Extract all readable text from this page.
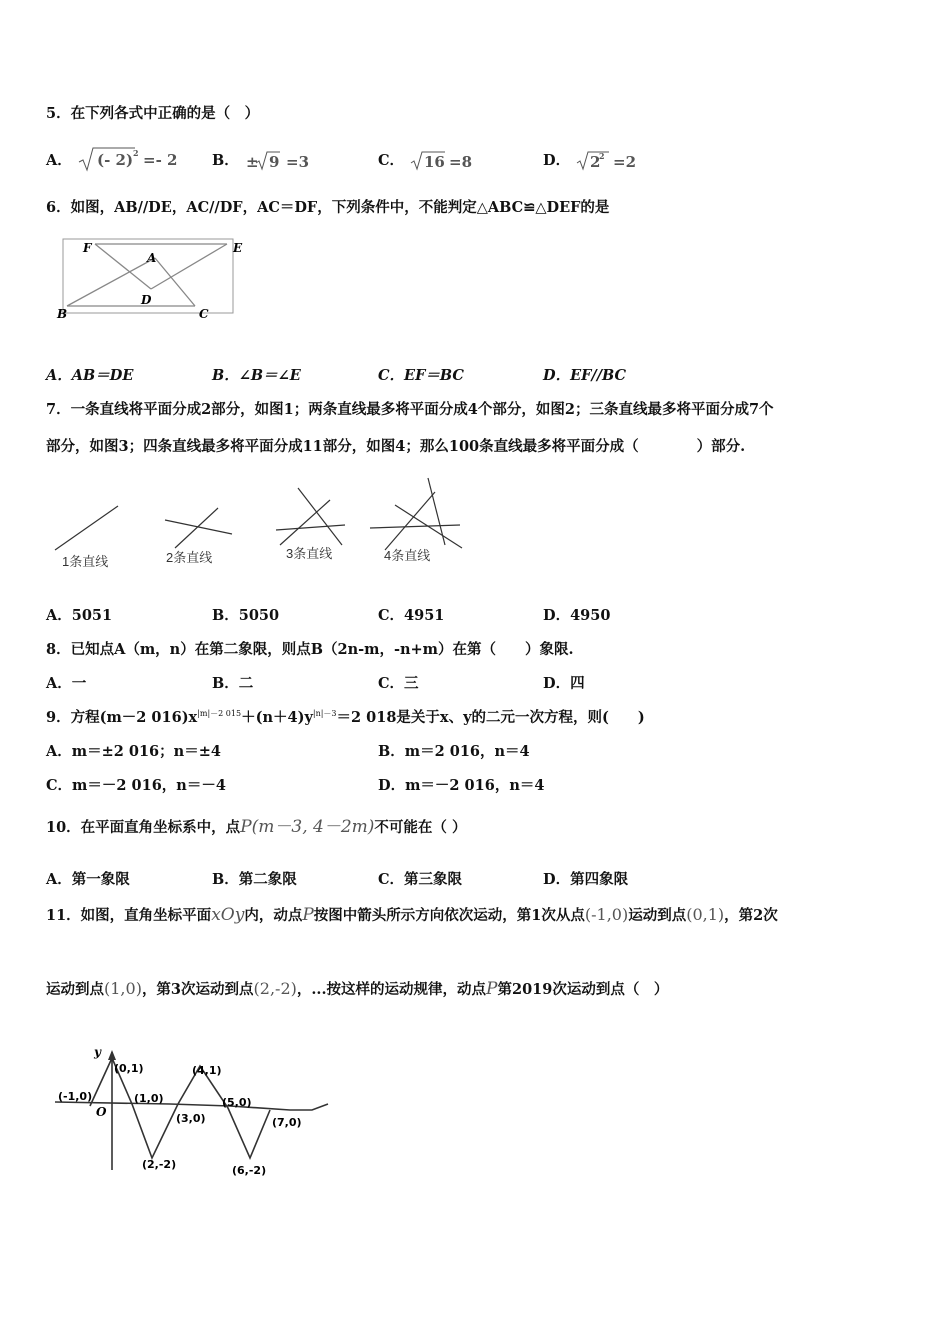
5．在下列各式中正确的是（　）
A． (- 2) 2 =- 2 B． ± 9 =3	C． 16 =8	D． 2
2 =2
6．如图，AB//DE，AC//DF，AC＝DF，下列条件中，不能判定△ABC≌△DEF的是
F
A
E
D
B	C
A．AB＝DE	B．∠B＝∠E	C．EF＝BC	D．EF//BC
7．一条直线将平面分成2部分，如图1；两条直线最多将平面分成4个部分，如图2；三条直线最多将平面分成7个
部分，如图3；四条直线最多将平面分成11部分，如图4；那么100条直线最多将平面分成（　　　　）部分.
1条直线	2条直线	3条直线	4条直线
A．5051	B．5050	C．4951	D．4950
8．已知点A（m，n）在第二象限，则点B（2n-m，-n+m）在第（　　）象限.
A．一	B．二	C．三	D．四
9．方程(m－2 $016)x^{|m|-2 015}+(n+4)y^{|n|-3}=2$ 018是关于x、y的二元一次方程，则(　　)
A．m＝±2 016；n＝±4	B．m＝2 016，n＝4
C．m＝－2 016，n＝－4	D．m＝－2 016，n＝4
10．在平面直角坐标系中，点P(m－3, 4－2m)不可能在（ ）
A．第一象限	B．第二象限	C．第三象限	D．第四象限
11．如图，直角坐标平面xOy内，动点P按图中箭头所示方向依次运动，第1次从点(-1,0)运动到点(0,1)，第2次
运动到点(1,0)，第3次运动到点(2,-2)，...按这样的运动规律，动点P第2019次运动到点（　）
y
O
(-1,0)
(0,1)
(1,0)
(2,-2)
(3,0)
(4,1)
(5,0)
(6,-2)
(7,0)
